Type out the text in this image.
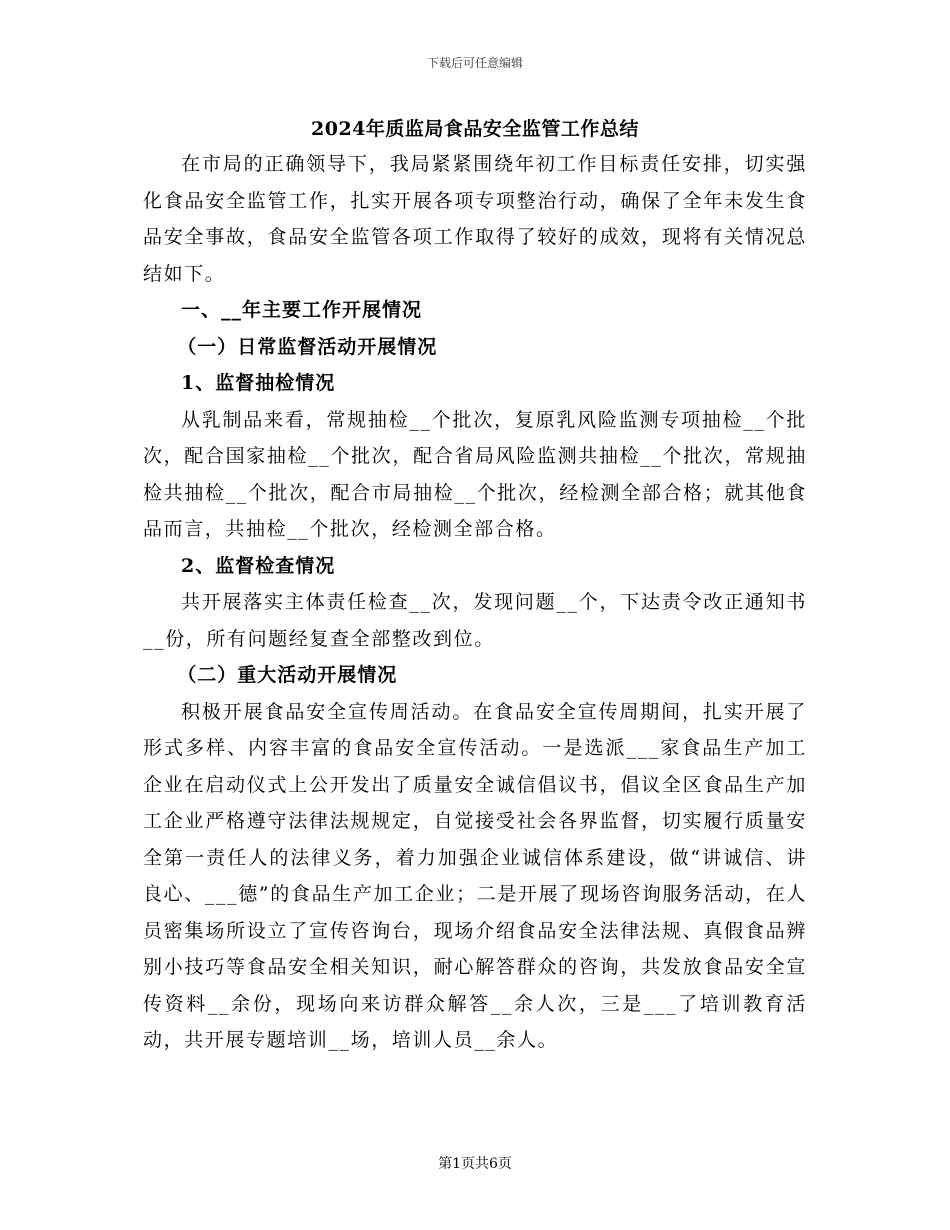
下载后可任意编辑
2024年质监局食品安全监管工作总结

在市局的正确领导下，我局紧紧围绕年初工作目标责任安排，切实强化食品安全监管工作，扎实开展各项专项整治行动，确保了全年未发生食品安全事故，食品安全监管各项工作取得了较好的成效，现将有关情况总结如下。

一、__年主要工作开展情况

（一）日常监督活动开展情况

1、监督抽检情况

从乳制品来看，常规抽检__个批次，复原乳风险监测专项抽检__个批次，配合国家抽检__个批次，配合省局风险监测共抽检__个批次，常规抽检共抽检__个批次，配合市局抽检__个批次，经检测全部合格；就其他食品而言，共抽检__个批次，经检测全部合格。

2、监督检查情况

共开展落实主体责任检查__次，发现问题__个，下达责令改正通知书__份，所有问题经复查全部整改到位。

（二）重大活动开展情况

积极开展食品安全宣传周活动。在食品安全宣传周期间，扎实开展了形式多样、内容丰富的食品安全宣传活动。一是选派___家食品生产加工企业在启动仪式上公开发出了质量安全诚信倡议书，倡议全区食品生产加工企业严格遵守法律法规规定，自觉接受社会各界监督，切实履行质量安全第一责任人的法律义务，着力加强企业诚信体系建设，做“讲诚信、讲良心、___德”的食品生产加工企业；二是开展了现场咨询服务活动，在人员密集场所设立了宣传咨询台，现场介绍食品安全法律法规、真假食品辨别小技巧等食品安全相关知识，耐心解答群众的咨询，共发放食品安全宣传资料__余份，现场向来访群众解答__余人次，三是___了培训教育活动，共开展专题培训__场，培训人员__余人。

第1页共6页
